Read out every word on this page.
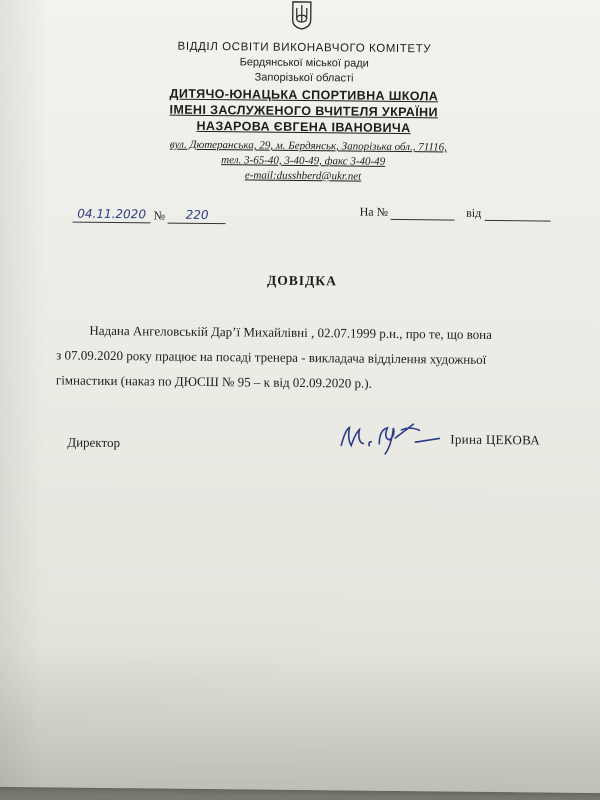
ВІДДІЛ ОСВІТИ ВИКОНАВЧОГО КОМІТЕТУ
Бердянської міської ради
Запорізької області
ДИТЯЧО-ЮНАЦЬКА СПОРТИВНА ШКОЛА
ІМЕНІ ЗАСЛУЖЕНОГО ВЧИТЕЛЯ УКРАЇНИ
НАЗАРОВА ЄВГЕНА ІВАНОВИЧА
вул. Дютеранська, 29, м. Бердянськ, Запорізька обл., 71116,
тел. 3-65-40, 3-40-49, факс 3-40-49
e-mail:dusshberd@ukr.net
04.11.2020 № 220	На №	від
ДОВІДКА

Надана Ангеловській Дар’ї Михайлівні , 02.07.1999 р.н., про те, що вона

з 07.09.2020 року працює на посаді тренера - викладача відділення художньої

гімнастики (наказ по ДЮСШ № 95 – к від 02.09.2020 р.).

Директор	Ірина ЦЕКОВА
